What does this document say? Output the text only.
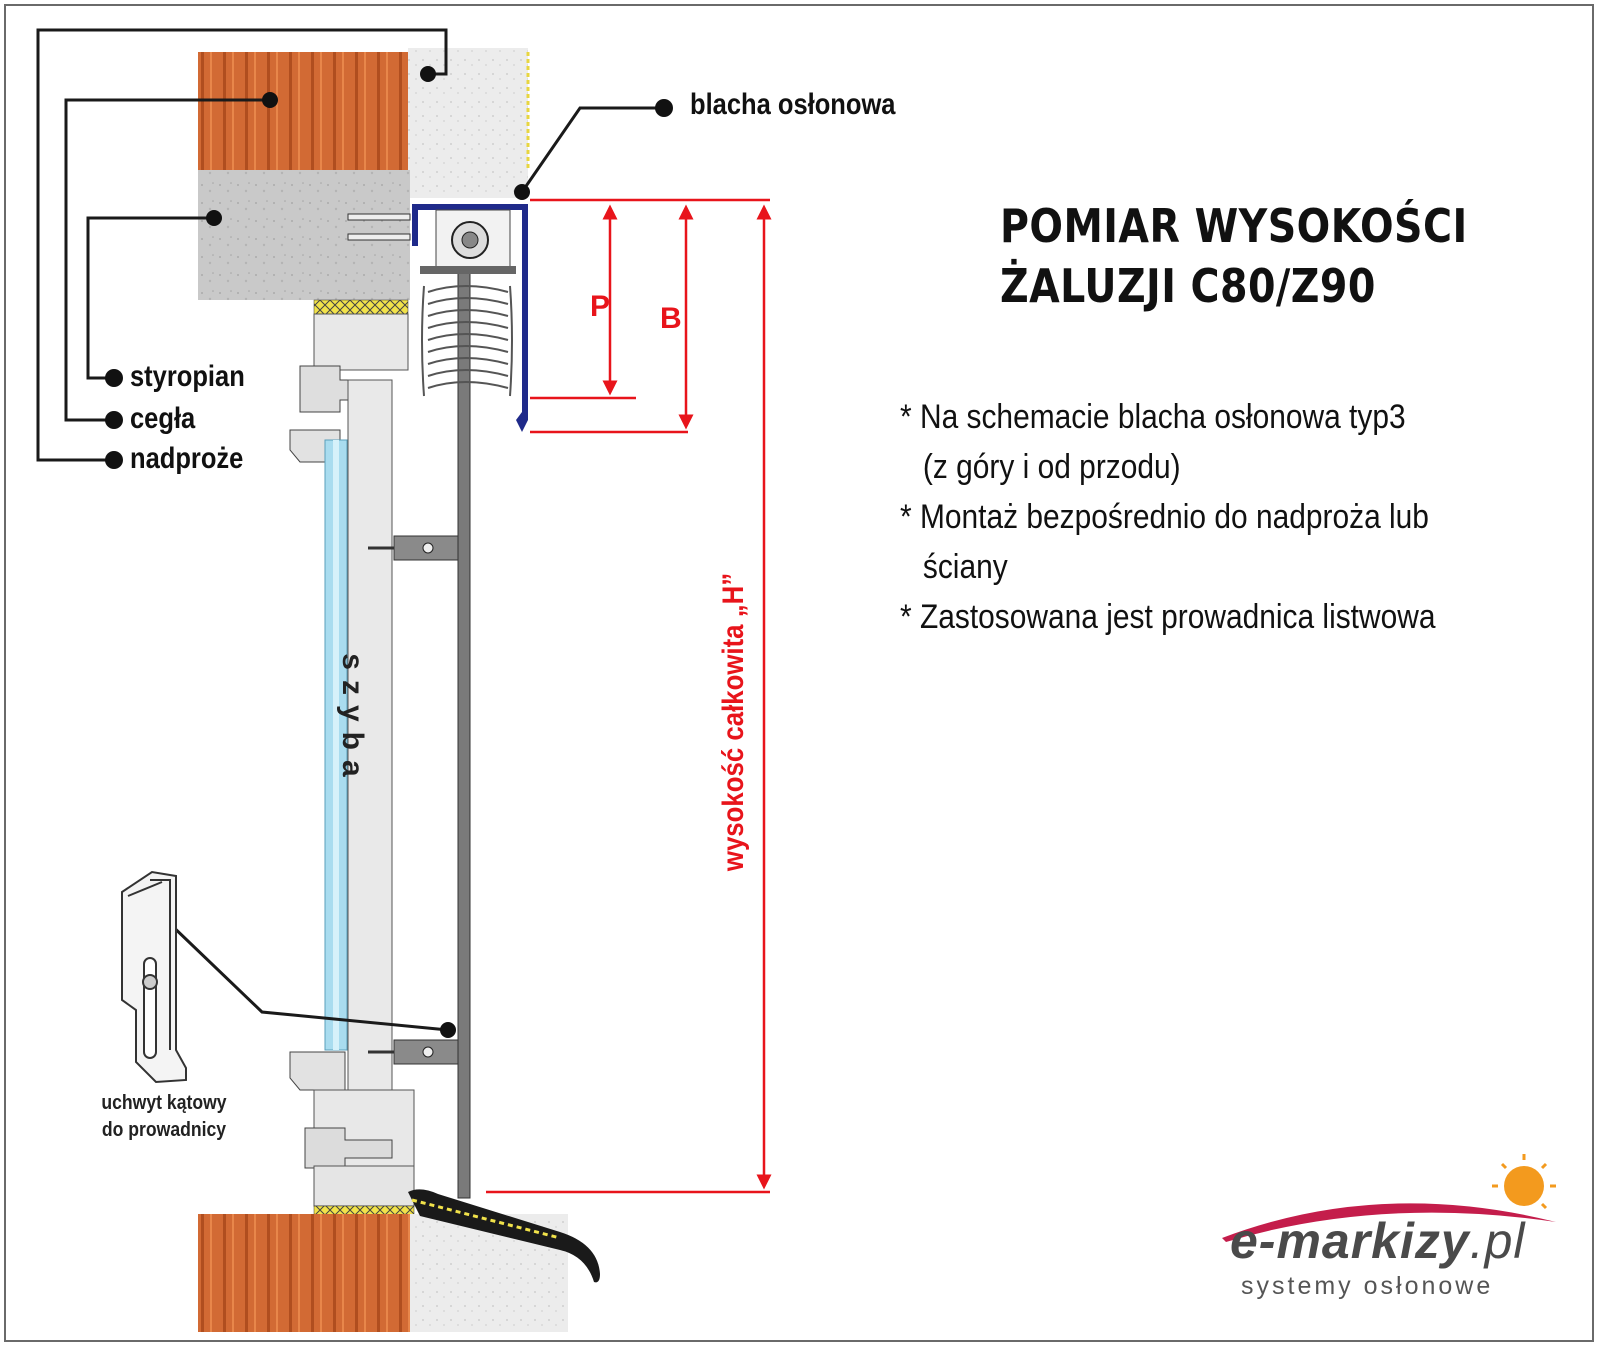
blacha osłonowa
styropian
cegła
nadproże
szyba
uchwyt kątowy
do prowadnicy
P B
wysokość całkowita „H”
POMIAR WYSOKOŚCI
ŻALUZJI C80/Z90
* Na schemacie blacha osłonowa typ3
(z góry i od przodu)
* Montaż bezpośrednio do nadproża lub
ściany
* Zastosowana jest prowadnica listwowa
e-markizy.pl
systemy osłonowe
